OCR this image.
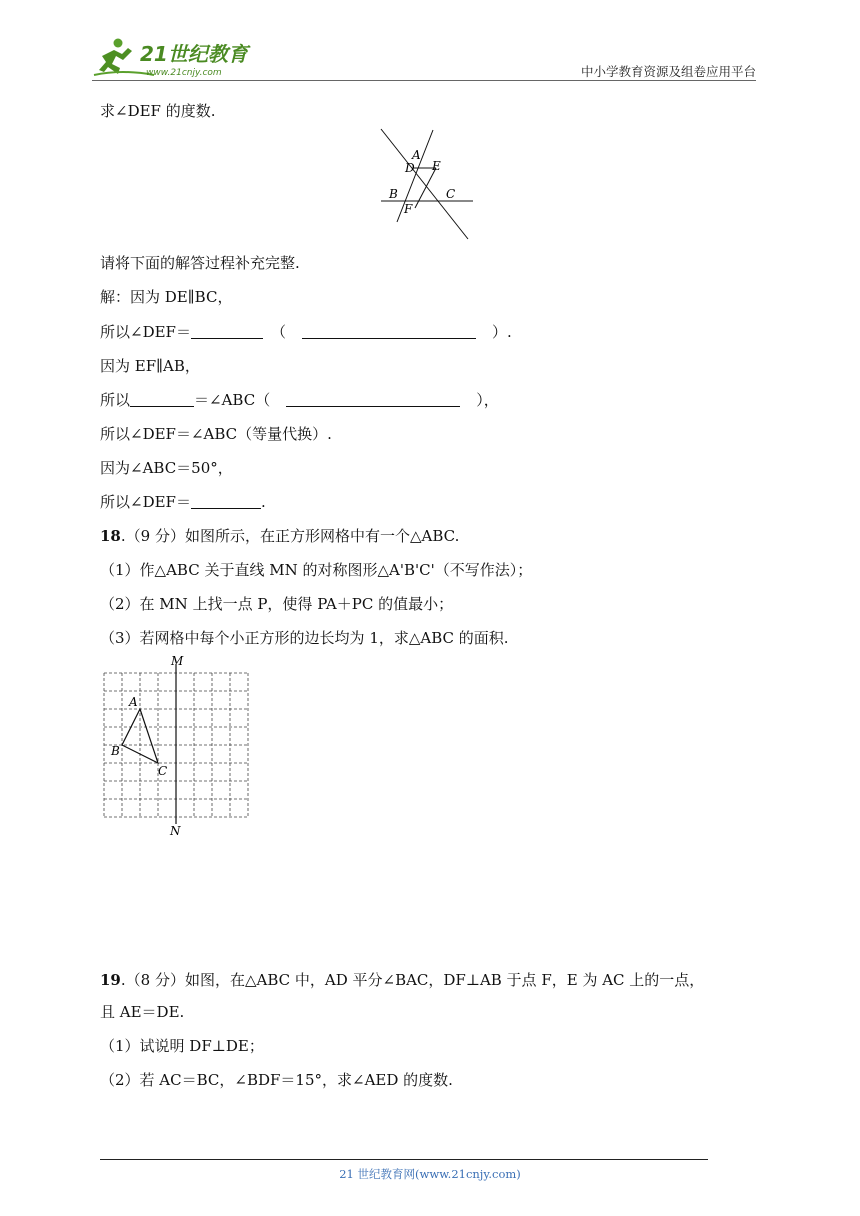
21世纪教育
www.21cnjy.com	中小学教育资源及组卷应用平台
求∠DEF 的度数.
A
D E
B	C
F
请将下面的解答过程补充完整.
解：因为 DE∥BC，
所以∠DEF＝	（	）.
因为 EF∥AB，
所以	＝∠ABC（	），
所以∠DEF＝∠ABC（等量代换）.
因为∠ABC＝50°，
所以∠DEF＝	.
18.（9 分）如图所示，在正方形网格中有一个△ABC.
（1）作△ABC 关于直线 MN 的对称图形△A'B'C'（不写作法）；
（2）在 MN 上找一点 P，使得 PA＋PC 的值最小；
（3）若网格中每个小正方形的边长均为 1，求△ABC 的面积.
M
N
A
B
C
19.（8 分）如图，在△ABC 中，AD 平分∠BAC，DF⊥AB 于点 F，E 为 AC 上的一点，
且 AE＝DE.
（1）试说明 DF⊥DE；
（2）若 AC＝BC，∠BDF＝15°，求∠AED 的度数.
21 世纪教育网(www.21cnjy.com)
